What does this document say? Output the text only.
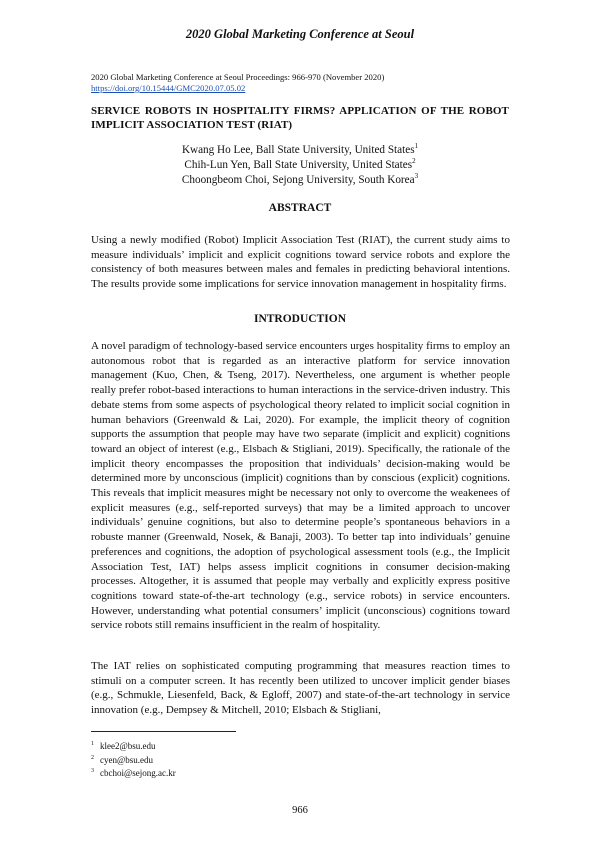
2020 Global Marketing Conference at Seoul
2020 Global Marketing Conference at Seoul Proceedings: 966-970 (November 2020)
https://doi.org/10.15444/GMC2020.07.05.02
SERVICE ROBOTS IN HOSPITALITY FIRMS? APPLICATION OF THE ROBOT IMPLICIT ASSOCIATION TEST (RIAT)
Kwang Ho Lee, Ball State University, United States$^1$
Chih-Lun Yen, Ball State University, United States$^2$
Choongbeom Choi, Sejong University, South Korea$^3$
ABSTRACT

Using a newly modified (Robot) Implicit Association Test (RIAT), the current study aims to measure individuals’ implicit and explicit cognitions toward service robots and explore the consistency of both measures between males and females in predicting behavioral intentions. The results provide some implications for service innovation management in hospitality firms.

INTRODUCTION

A novel paradigm of technology-based service encounters urges hospitality firms to employ an autonomous robot that is regarded as an interactive platform for service innovation management (Kuo, Chen, & Tseng, 2017). Nevertheless, one argument is whether people really prefer robot-based interactions to human interactions in the service-driven industry. This debate stems from some aspects of psychological theory related to implicit social cognition in human behaviors (Greenwald & Lai, 2020). For example, the implicit theory of cognition supports the assumption that people may have two separate (implicit and explicit) cognitions toward an object of interest (e.g., Elsbach & Stigliani, 2019). Specifically, the rationale of the implicit theory encompasses the proposition that individuals’ decision-making would be determined more by unconscious (implicit) cognitions than by conscious (explicit) cognitions. This reveals that implicit measures might be necessary not only to overcome the weakenees of explicit measures (e.g., self-reported surveys) that may be a limited approach to uncover individuals’ genuine cognitions, but also to determine people’s spontaneous behaviors in a robuste manner (Greenwald, Nosek, & Banaji, 2003). To better tap into individuals’ genuine preferences and cognitions, the adoption of psychological assessment tools (e.g., the Implicit Association Test, IAT) helps assess implicit cognitions in consumer decision-making processes. Altogether, it is assumed that people may verbally and explicitly express positive cognitions toward state-of-the-art technology (e.g., service robots) in service encounters. However, understanding what potential consumers’ implicit (unconscious) cognitions toward service robots still remains insufficient in the realm of hospitality.

The IAT relies on sophisticated computing programming that measures reaction times to stimuli on a computer screen. It has recently been utilized to uncover implicit gender biases (e.g., Schmukle, Liesenfeld, Back, & Egloff, 2007) and state-of-the-art technology in service innovation (e.g., Dempsey & Mitchell, 2010; Elsbach & Stigliani,

$^1$ klee2@bsu.edu
$^2$ cyen@bsu.edu
$^3$ cbchoi@sejong.ac.kr
966
